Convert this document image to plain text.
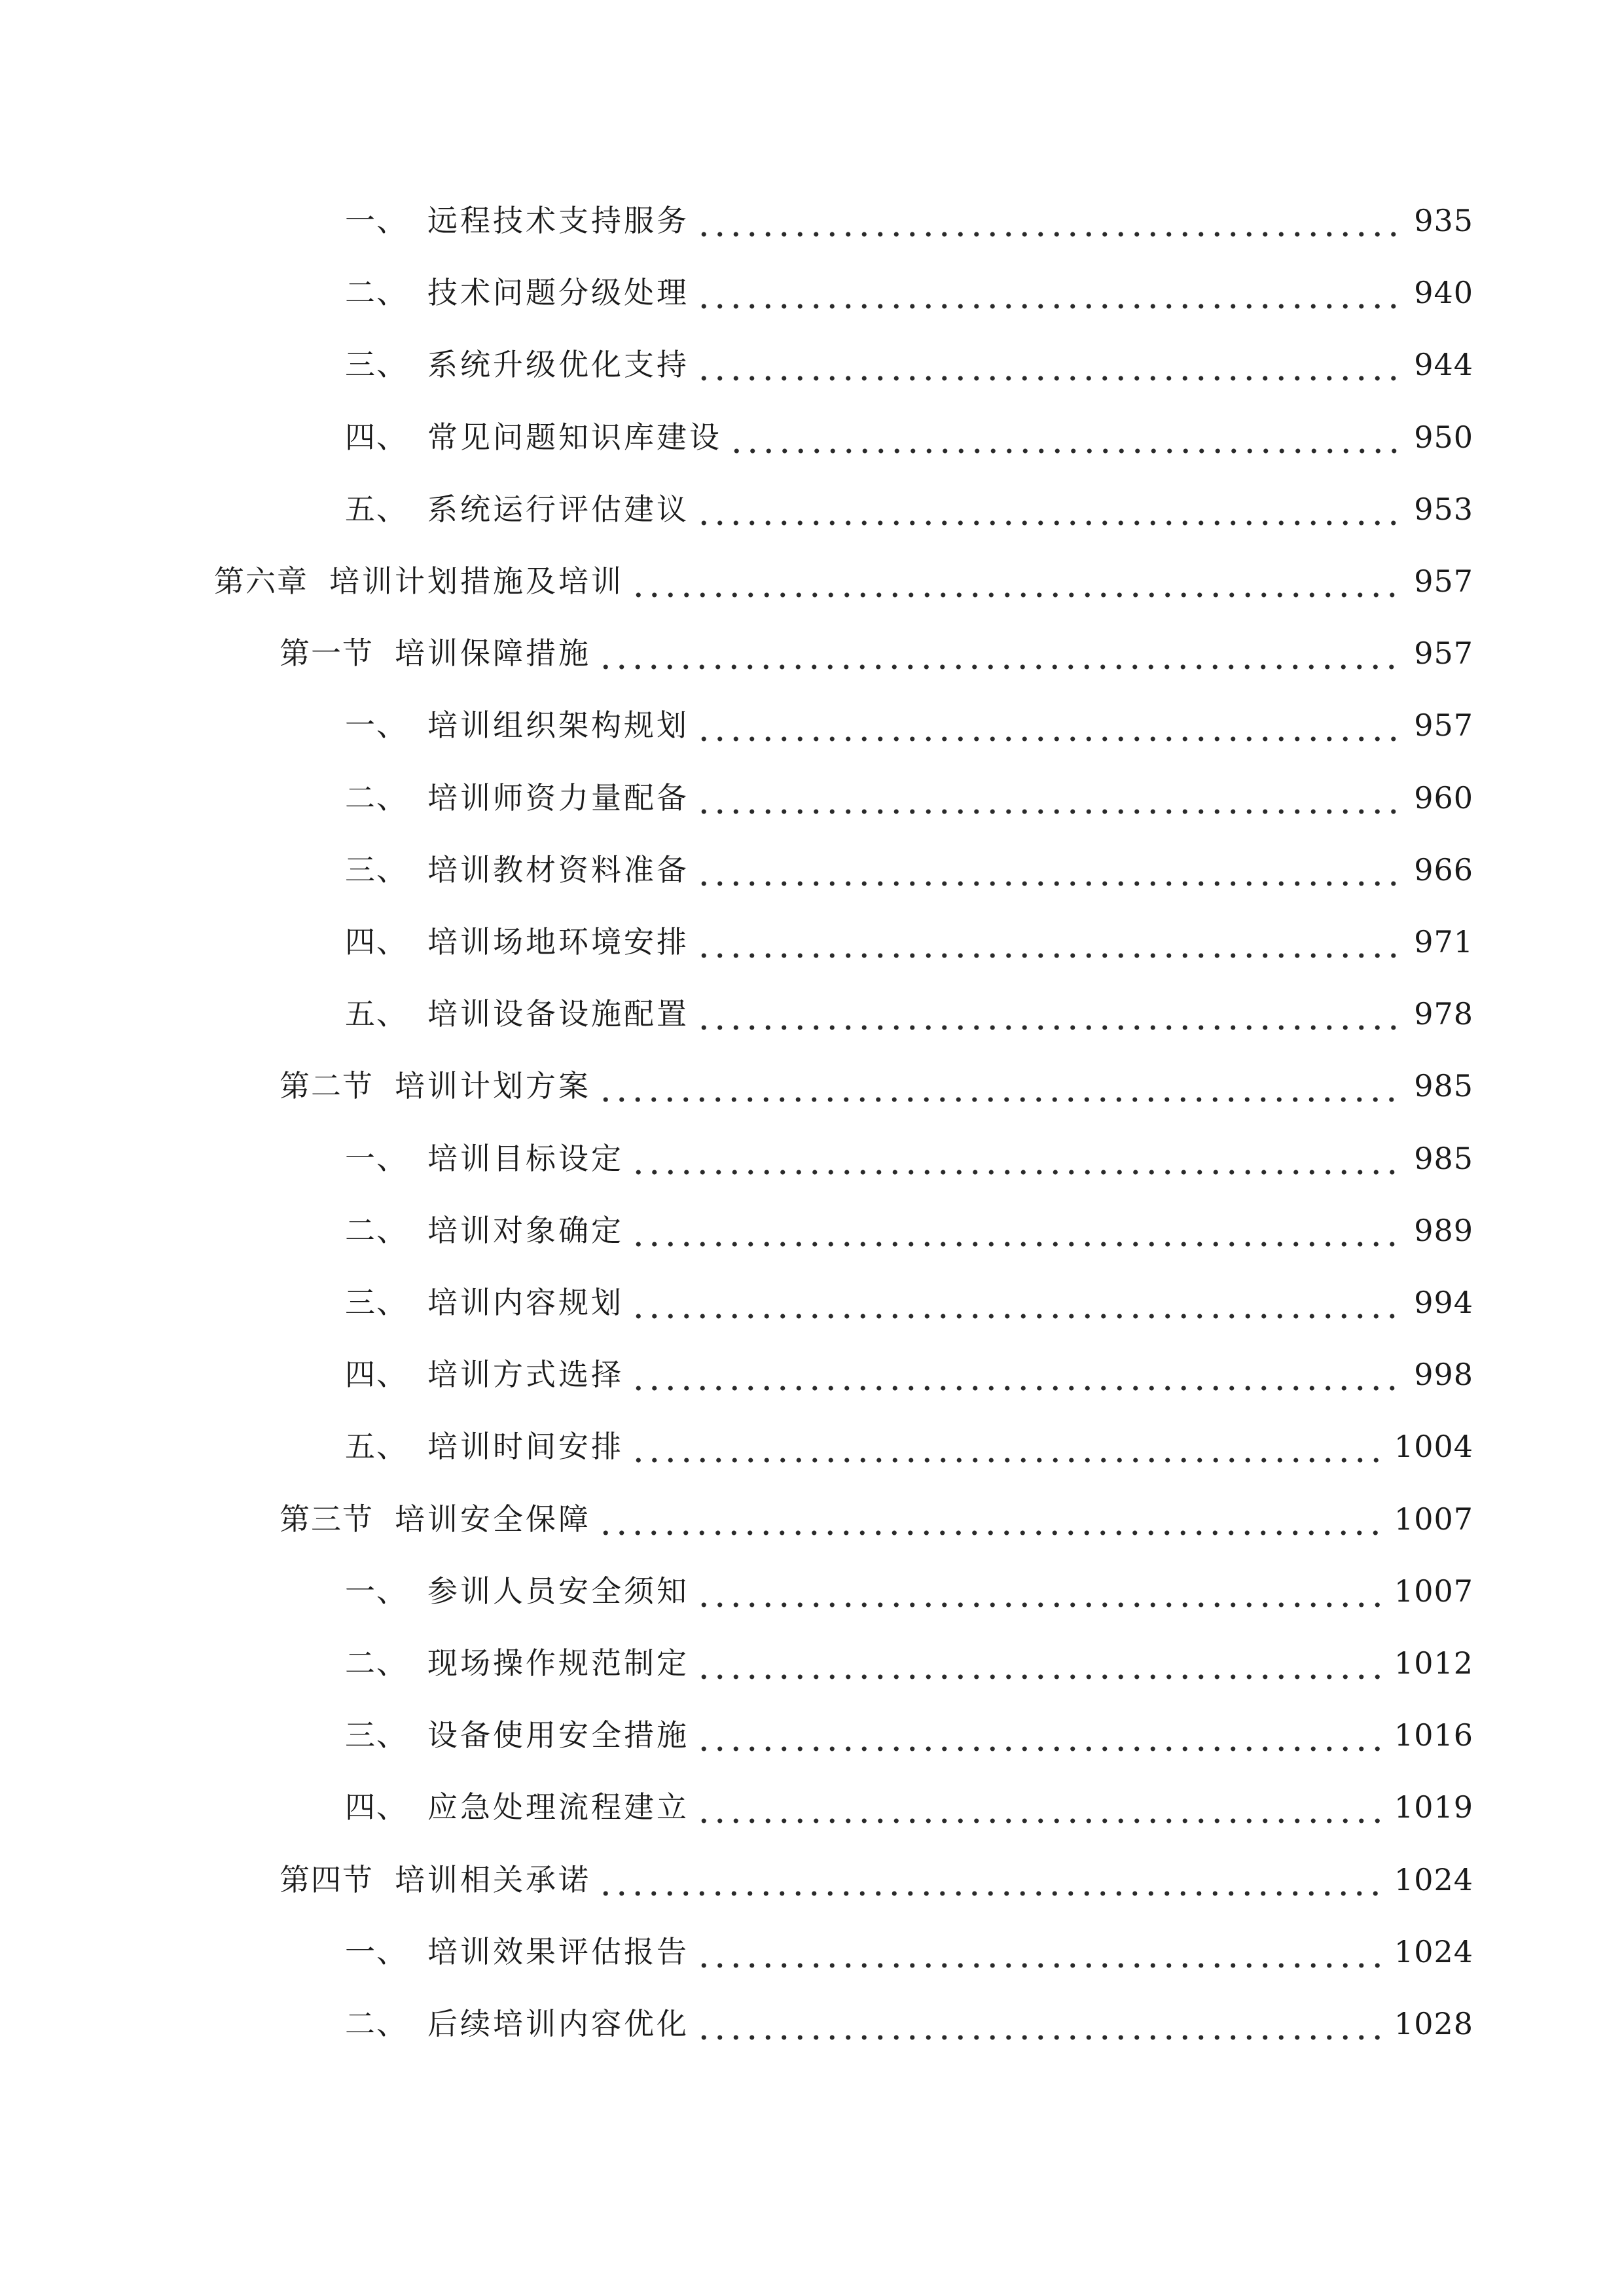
一、 远程技术支持服务	935
二、 技术问题分级处理	940
三、 系统升级优化支持	944
四、 常见问题知识库建设	950
五、 系统运行评估建议	953
第六章 培训计划措施及培训	957
第一节 培训保障措施	957
一、 培训组织架构规划	957
二、 培训师资力量配备	960
三、 培训教材资料准备	966
四、 培训场地环境安排	971
五、 培训设备设施配置	978
第二节 培训计划方案	985
一、 培训目标设定	985
二、 培训对象确定	989
三、 培训内容规划	994
四、 培训方式选择	998
五、 培训时间安排	1004
第三节 培训安全保障	1007
一、 参训人员安全须知	1007
二、 现场操作规范制定	1012
三、 设备使用安全措施	1016
四、 应急处理流程建立	1019
第四节 培训相关承诺	1024
一、 培训效果评估报告	1024
二、 后续培训内容优化	1028
